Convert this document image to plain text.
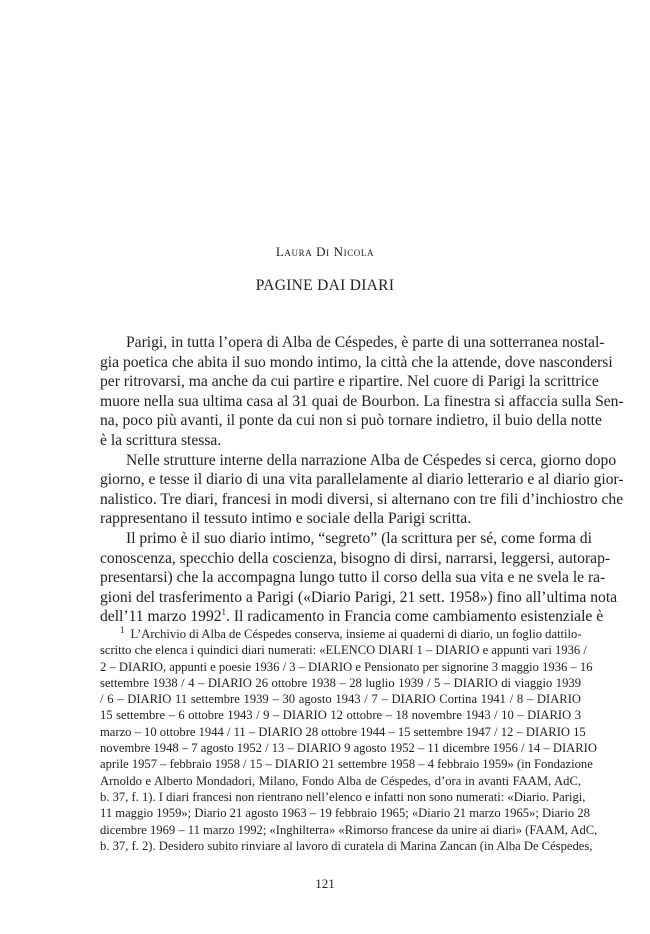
Laura Di Nicola
PAGINE DAI DIARI
Parigi, in tutta l’opera di Alba de Céspedes, è parte di una sotterranea nostal-
gia poetica che abita il suo mondo intimo, la città che la attende, dove nascondersi
per ritrovarsi, ma anche da cui partire e ripartire. Nel cuore di Parigi la scrittrice
muore nella sua ultima casa al 31 quai de Bourbon. La finestra si affaccia sulla Sen-
na, poco più avanti, il ponte da cui non si può tornare indietro, il buio della notte
è la scrittura stessa.
Nelle strutture interne della narrazione Alba de Céspedes si cerca, giorno dopo
giorno, e tesse il diario di una vita parallelamente al diario letterario e al diario gior-
nalistico. Tre diari, francesi in modi diversi, si alternano con tre fili d’inchiostro che
rappresentano il tessuto intimo e sociale della Parigi scritta.
Il primo è il suo diario intimo, “segreto” (la scrittura per sé, come forma di
conoscenza, specchio della coscienza, bisogno di dirsi, narrarsi, leggersi, autorap-
presentarsi) che la accompagna lungo tutto il corso della sua vita e ne svela le ra-
gioni del trasferimento a Parigi («Diario Parigi, 21 sett. 1958») fino all’ultima nota
dell’11 marzo 1992$^1$. Il radicamento in Francia come cambiamento esistenziale è
$^1$ L’Archivio di Alba de Céspedes conserva, insieme ai quaderni di diario, un foglio dattilo-
scritto che elenca i quindici diari numerati: «ELENCO DIARI 1 – DIARIO e appunti vari 1936 /
2 – DIARIO, appunti e poesie 1936 / 3 – DIARIO e Pensionato per signorine 3 maggio 1936 – 16
settembre 1938 / 4 – DIARIO 26 ottobre 1938 – 28 luglio 1939 / 5 – DIARIO di viaggio 1939
/ 6 – DIARIO 11 settembre 1939 – 30 agosto 1943 / 7 – DIARIO Cortina 1941 / 8 – DIARIO
15 settembre – 6 ottobre 1943 / 9 – DIARIO 12 ottobre – 18 novembre 1943 / 10 – DIARIO 3
marzo – 10 ottobre 1944 / 11 – DIARIO 28 ottobre 1944 – 15 settembre 1947 / 12 – DIARIO 15
novembre 1948 – 7 agosto 1952 / 13 – DIARIO 9 agosto 1952 – 11 dicembre 1956 / 14 – DIARIO
aprile 1957 – febbraio 1958 / 15 – DIARIO 21 settembre 1958 – 4 febbraio 1959» (in Fondazione
Arnoldo e Alberto Mondadori, Milano, Fondo Alba de Céspedes, d’ora in avanti FAAM, AdC,
b. 37, f. 1). I diari francesi non rientrano nell’elenco e infatti non sono numerati: «Diario. Parigi,
11 maggio 1959»; Diario 21 agosto 1963 – 19 febbraio 1965; «Diario 21 marzo 1965»; Diario 28
dicembre 1969 – 11 marzo 1992; «Inghilterra» «Rimorso francese da unire ai diari» (FAAM, AdC,
b. 37, f. 2). Desidero subito rinviare al lavoro di curatela di Marina Zancan (in Alba De Céspedes,
121
